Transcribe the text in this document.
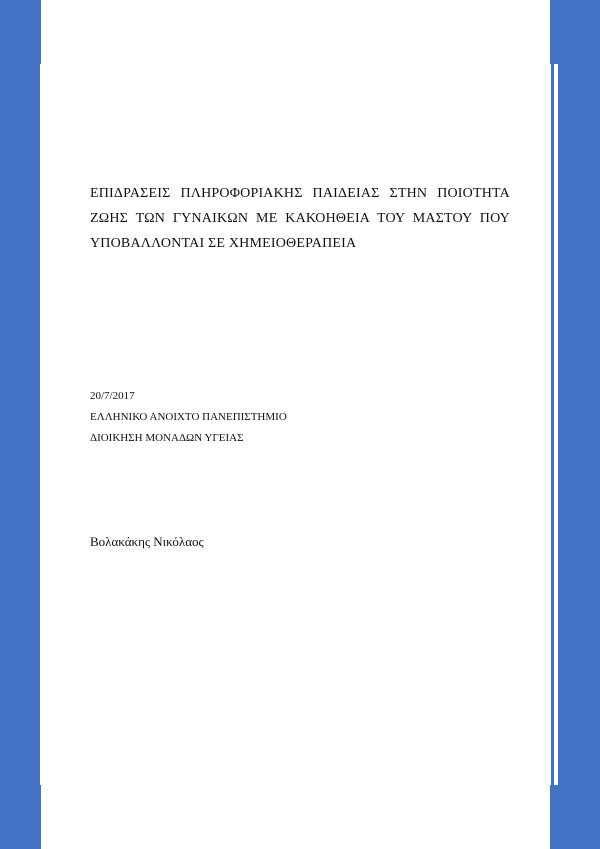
ΕΠΙΔΡΑΣΕΙΣ ΠΛΗΡΟΦΟΡΙΑΚΗΣ ΠΑΙΔΕΙΑΣ ΣΤΗΝ ΠΟΙΟΤΗΤΑ
ΖΩΗΣ ΤΩΝ ΓΥΝΑΙΚΩΝ ΜΕ ΚΑΚΟΗΘΕΙΑ ΤΟΥ ΜΑΣΤΟΥ ΠΟΥ
ΥΠΟΒΑΛΛΟΝΤΑΙ ΣΕ ΧΗΜΕΙΟΘΕΡΑΠΕΙΑ
20/7/2017
ΕΛΛΗΝΙΚΟ ΑΝΟΙΧΤΟ ΠΑΝΕΠΙΣΤΗΜΙΟ
ΔΙΟΙΚΗΣΗ ΜΟΝΑΔΩΝ ΥΓΕΙΑΣ
Βολακάκης Νικόλαος
